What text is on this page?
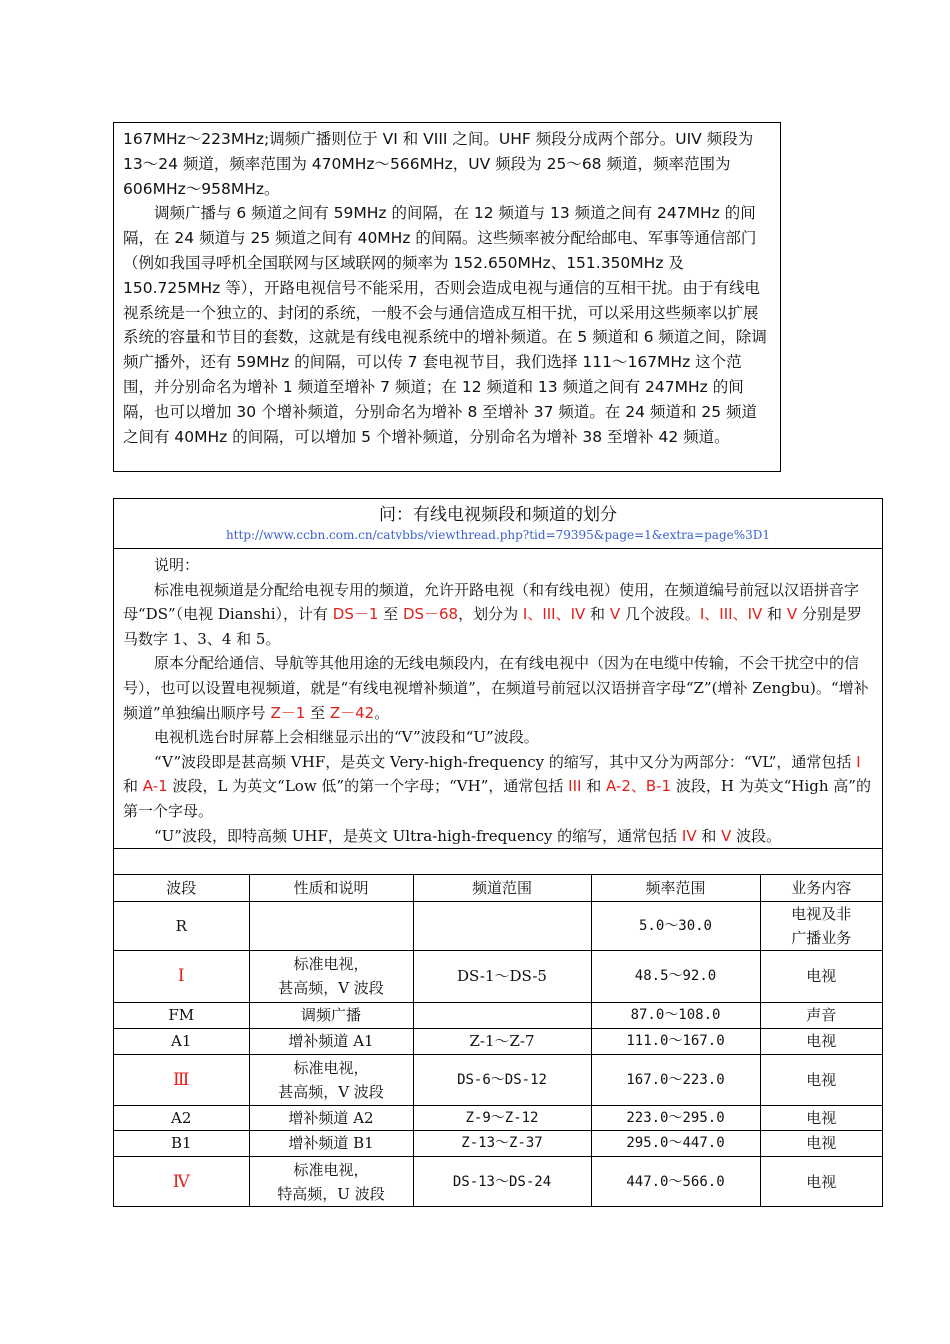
167MHz～223MHz;调频广播则位于 VI 和 VIII 之间。UHF 频段分成两个部分。UIV 频段为 13～24 频道，频率范围为 470MHz～566MHz，UV 频段为 25～68 频道，频率范围为 606MHz～958MHz。

调频广播与 6 频道之间有 59MHz 的间隔，在 12 频道与 13 频道之间有 247MHz 的间隔，在 24 频道与 25 频道之间有 40MHz 的间隔。这些频率被分配给邮电、军事等通信部门（例如我国寻呼机全国联网与区域联网的频率为 152.650MHz、151.350MHz 及 150.725MHz 等），开路电视信号不能采用，否则会造成电视与通信的互相干扰。由于有线电视系统是一个独立的、封闭的系统，一般不会与通信造成互相干扰，可以采用这些频率以扩展系统的容量和节目的套数，这就是有线电视系统中的增补频道。在 5 频道和 6 频道之间，除调频广播外，还有 59MHz 的间隔，可以传 7 套电视节目，我们选择 111～167MHz 这个范围，并分别命名为增补 1 频道至增补 7 频道；在 12 频道和 13 频道之间有 247MHz 的间隔，也可以增加 30 个增补频道，分别命名为增补 8 至增补 37 频道。在 24 频道和 25 频道之间有 40MHz 的间隔，可以增加 5 个增补频道，分别命名为增补 38 至增补 42 频道。

问：有线电视频段和频道的划分
http://www.ccbn.com.cn/catvbbs/viewthread.php?tid=79395&page=1&extra=page%3D1

说明：

标准电视频道是分配给电视专用的频道，允许开路电视（和有线电视）使用，在频道编号前冠以汉语拼音字母“DS”（电视 Dianshi），计有 DS－1 至 DS－68，划分为 I、III、IV 和 V 几个波段。I、III、IV 和 V 分别是罗马数字 1、3、4 和 5。

原本分配给通信、导航等其他用途的无线电频段内，在有线电视中（因为在电缆中传输，不会干扰空中的信号），也可以设置电视频道，就是“有线电视增补频道”，在频道号前冠以汉语拼音字母“Z”(增补 Zengbu)。“增补频道”单独编出顺序号 Z－1 至 Z－42。

电视机选台时屏幕上会相继显示出的“V”波段和“U”波段。

“V”波段即是甚高频 VHF，是英文 Very-high-frequency 的缩写，其中又分为两部分：“VL”，通常包括 I 和 A-1 波段，L 为英文“Low 低”的第一个字母；“VH”，通常包括 III 和 A-2、B-1 波段，H 为英文“High 高”的第一个字母。

“U”波段，即特高频 UHF，是英文 Ultra-high-frequency 的缩写，通常包括 IV 和 V 波段。

波段	性质和说明	频道范围	频率范围	业务内容
R			5.0～30.0	电视及非
广播业务

Ⅰ	标准电视，
甚高频，V 波段	DS-1～DS-5	48.5～92.0	电视
FM	调频广播		87.0～108.0	声音
A1	增补频道 A1	Z-1～Z-7	111.0～167.0	电视
Ⅲ	标准电视，
甚高频，V 波段	DS-6～DS-12	167.0～223.0	电视
A2	增补频道 A2	Z-9～Z-12	223.0～295.0	电视
B1	增补频道 B1	Z-13～Z-37	295.0～447.0	电视
Ⅳ	标准电视，
特高频，U 波段	DS-13～DS-24	447.0～566.0	电视
